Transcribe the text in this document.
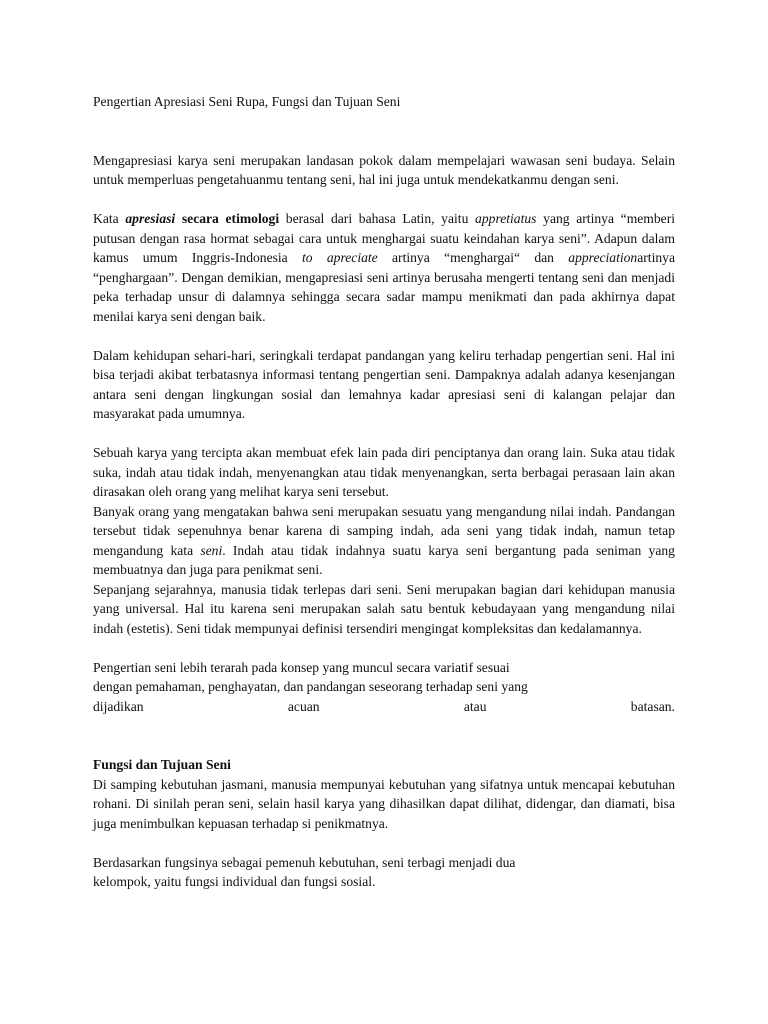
Pengertian Apresiasi Seni Rupa, Fungsi dan Tujuan Seni

Mengapresiasi karya seni merupakan landasan pokok dalam mempelajari wawasan seni budaya. Selain untuk memperluas pengetahuanmu tentang seni, hal ini juga untuk mendekatkanmu dengan seni.

Kata apresiasi secara etimologi berasal dari bahasa Latin, yaitu appretiatus yang artinya “memberi putusan dengan rasa hormat sebagai cara untuk menghargai suatu keindahan karya seni”. Adapun dalam kamus umum Inggris-Indonesia to apreciate artinya “menghargai“ dan appreciationartinya “penghargaan”. Dengan demikian, mengapresiasi seni artinya berusaha mengerti tentang seni dan menjadi peka terhadap unsur di dalamnya sehingga secara sadar mampu menikmati dan pada akhirnya dapat menilai karya seni dengan baik.

Dalam kehidupan sehari-hari, seringkali terdapat pandangan yang keliru terhadap pengertian seni. Hal ini bisa terjadi akibat terbatasnya informasi tentang pengertian seni. Dampaknya adalah adanya kesenjangan antara seni dengan lingkungan sosial dan lemahnya kadar apresiasi seni di kalangan pelajar dan masyarakat pada umumnya.

Sebuah karya yang tercipta akan membuat efek lain pada diri penciptanya dan orang lain. Suka atau tidak suka, indah atau tidak indah, menyenangkan atau tidak menyenangkan, serta berbagai perasaan lain akan dirasakan oleh orang yang melihat karya seni tersebut.

Banyak orang yang mengatakan bahwa seni merupakan sesuatu yang mengandung nilai indah. Pandangan tersebut tidak sepenuhnya benar karena di samping indah, ada seni yang tidak indah, namun tetap mengandung kata seni. Indah atau tidak indahnya suatu karya seni bergantung pada seniman yang membuatnya dan juga para penikmat seni.

Sepanjang sejarahnya, manusia tidak terlepas dari seni. Seni merupakan bagian dari kehidupan manusia yang universal. Hal itu karena seni merupakan salah satu bentuk kebudayaan yang mengandung nilai indah (estetis). Seni tidak mempunyai definisi tersendiri mengingat kompleksitas dan kedalamannya.

Pengertian seni lebih terarah pada konsep yang muncul secara variatif sesuai

dengan pemahaman, penghayatan, dan pandangan seseorang terhadap seni yang

dijadikan	acuan	atau	batasan.
Fungsi dan Tujuan Seni

Di samping kebutuhan jasmani, manusia mempunyai kebutuhan yang sifatnya untuk mencapai kebutuhan rohani. Di sinilah peran seni, selain hasil karya yang dihasilkan dapat dilihat, didengar, dan diamati, bisa juga menimbulkan kepuasan terhadap si penikmatnya.

Berdasarkan fungsinya sebagai pemenuh kebutuhan, seni terbagi menjadi dua

kelompok, yaitu fungsi individual dan fungsi sosial.
